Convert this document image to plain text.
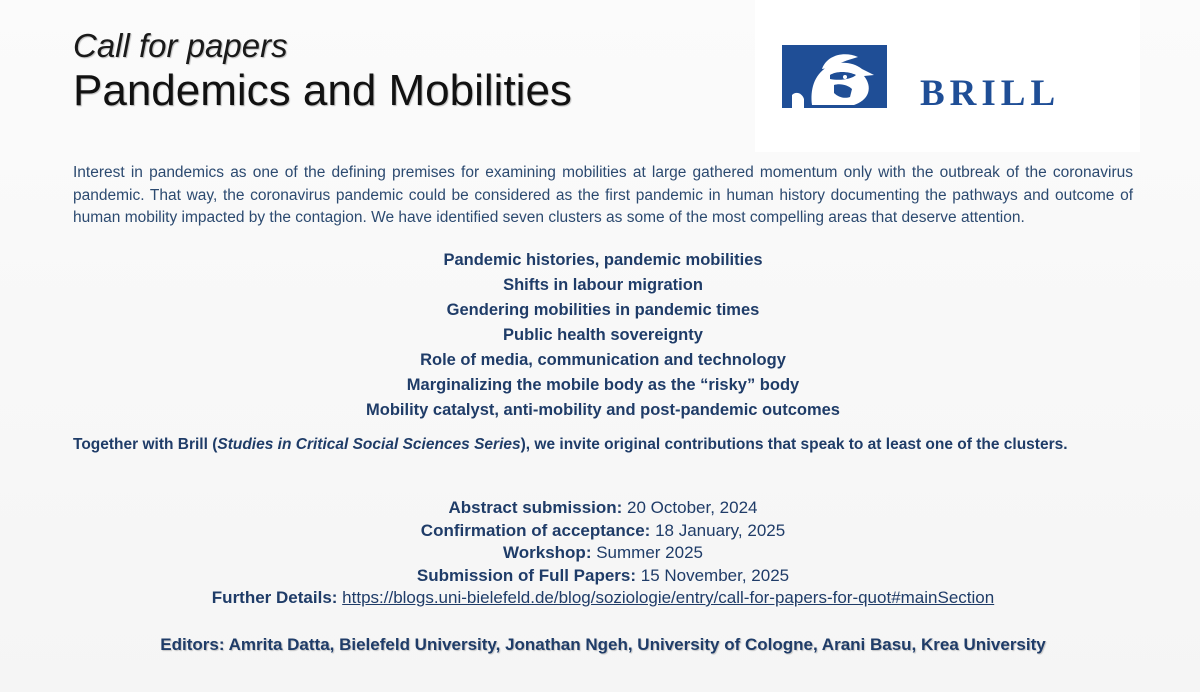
Call for papers
Pandemics and Mobilities	BRILL
Interest in pandemics as one of the defining premises for examining mobilities at large gathered momentum only with the outbreak of the coronavirus pandemic. That way, the coronavirus pandemic could be considered as the first pandemic in human history documenting the pathways and outcome of human mobility impacted by the contagion. We have identified seven clusters as some of the most compelling areas that deserve attention.
Pandemic histories, pandemic mobilities
Shifts in labour migration
Gendering mobilities in pandemic times
Public health sovereignty
Role of media, communication and technology
Marginalizing the mobile body as the “risky” body
Mobility catalyst, anti-mobility and post-pandemic outcomes
Together with Brill (Studies in Critical Social Sciences Series), we invite original contributions that speak to at least one of the clusters.
Abstract submission: 20 October, 2024
Confirmation of acceptance: 18 January, 2025
Workshop: Summer 2025
Submission of Full Papers: 15 November, 2025
Further Details: https://blogs.uni-bielefeld.de/blog/soziologie/entry/call-for-papers-for-quot#mainSection
Editors: Amrita Datta, Bielefeld University, Jonathan Ngeh, University of Cologne, Arani Basu, Krea University
